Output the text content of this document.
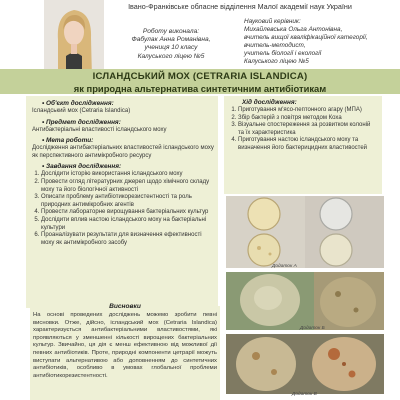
Івано-Франківське обласне відділення Малої академії наук України
Роботу виконала:
Фабулак Анна Романівна,
учениця 10 класу
Калуського ліцею №5
Науковий керівник:
Михайлевська Ольга Антонівна,
вчитель вищої кваліфікаційної категорії,
вчитель-методист,
учитель біології і екології
Калуського ліцею №5
ІСЛАНДСЬКИЙ МОХ (CETRARIA ISLANDICA)
як природна альтернатива синтетичним антибіотикам
• Об'єкт дослідження:
Ісландський мох (Cetraria Islandica)
• Предмет дослідження:
Антибактеріальні властивості ісландського моху
• Мета роботи:
Дослідження антибактеріальних властивостей ісландського моху як перспективного антимікробного ресурсу
• Завдання дослідження:
1. Дослідити історію використання ісландського моху
2. Провести огляд літературних джерел щодо хімічного складу моху та його біологічної активності
3. Описати проблему антибіотикорезистентності та роль природних антимікробних агентів
4. Провести лабораторне вирощування бактеріальних культур
5. Дослідити вплив настою ісландського моху на бактеріальні культури
6. Проаналізувати результати для визначення ефективності моху як антимікробного засобу
Хід дослідження:
1. Приготування м'ясо-пептонного агару (МПА)
2. Збір бактерій з повітря методом Коха
3. Візуальне спостереження за розвитком колоній та їх характеристика
4. Приготування настою ісландського моху та визначення його бактерицидних властивостей
Висновки
На основі проведених досліджень можемо зробити певні висновки. Отже, дійсно, ісландський мох (Cetraria Islandica) характеризується антибактеріальними властивостями, які проявляються у зменшенні кількості вирощених бактеріальних культур. Звичайно, ця дія є менш ефективною від можливої дії певних антибіотиків. Проте, природні компоненти цетрарії можуть виступати альтернативою або доповненням до синтетичних антибіотиків, особливо в умовах глобальної проблеми антибіотикорезистентності.
Додаток А
Додаток Б
Додаток В
